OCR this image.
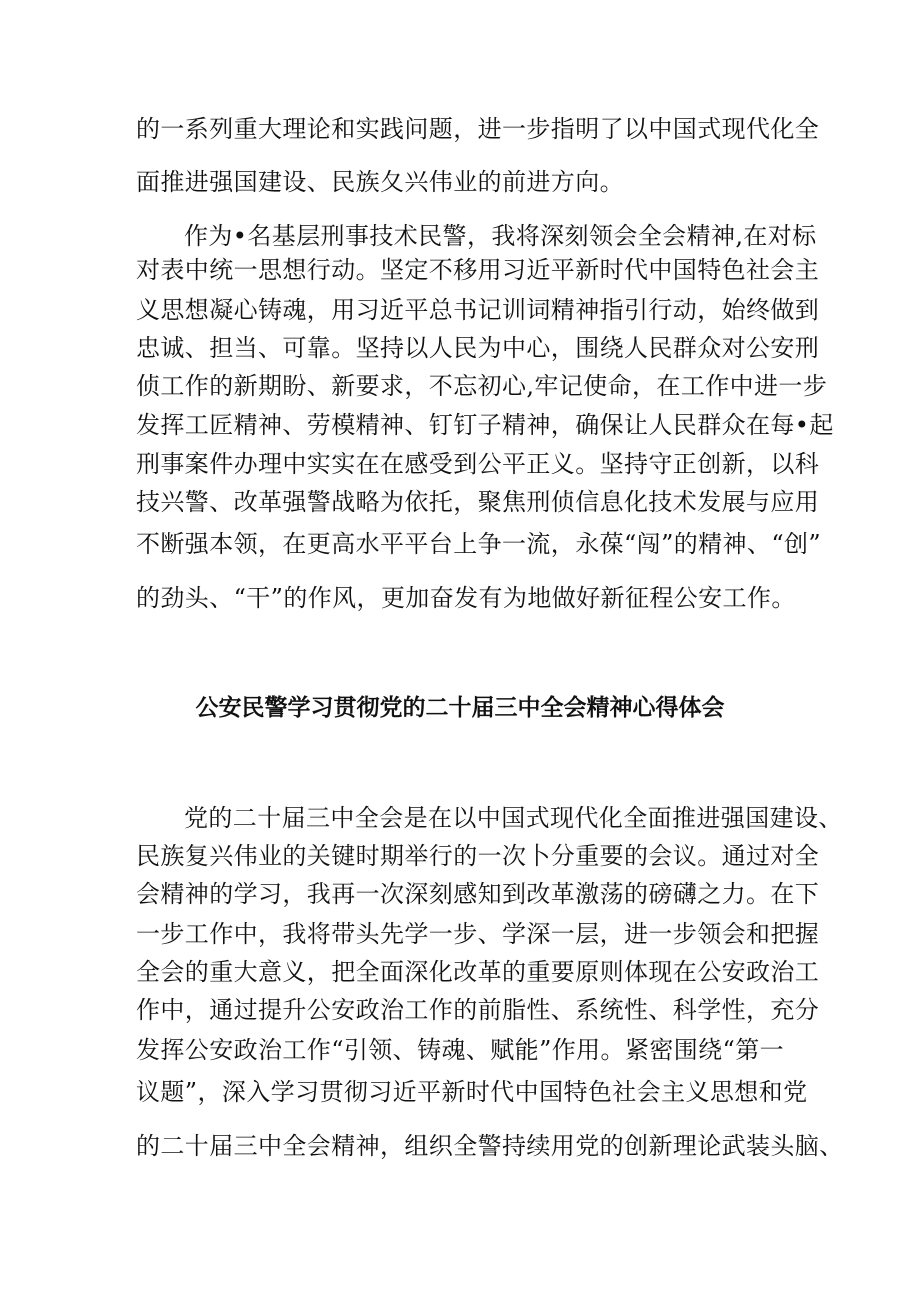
的一系列重大理论和实践问题，进一步指明了以中国式现代化全
面推进强国建设、民族夂兴伟业的前进方向。
作为•名基层刑事技术民警，我将深刻领会全会精神,在对标
对表中统一思想行动。坚定不移用习近平新时代中国特色社会主
义思想凝心铸魂，用习近平总书记训词精神指引行动，始终做到
忠诚、担当、可靠。坚持以人民为中心，围绕人民群众对公安刑
侦工作的新期盼、新要求，不忘初心,牢记使命，在工作中进一步
发挥工匠精神、劳模精神、钉钉子精神，确保让人民群众在每•起
刑事案件办理中实实在在感受到公平正义。坚持守正创新，以科
技兴警、改革强警战略为依托，聚焦刑侦信息化技术发展与应用
不断强本领，在更高水平平台上争一流，永葆“闯”的精神、“创”
的劲头、“干”的作风，更加奋发有为地做好新征程公安工作。
公安民警学习贯彻党的二十届三中全会精神心得体会
党的二十届三中全会是在以中国式现代化全面推进强国建设、
民族复兴伟业的关键时期举行的一次卜分重要的会议。通过对全
会精神的学习，我再一次深刻感知到改革激荡的磅礴之力。在下
一步工作中，我将带头先学一步、学深一层，进一步领会和把握
全会的重大意义，把全面深化改革的重要原则体现在公安政治工
作中，通过提升公安政治工作的前脂性、系统性、科学性，充分
发挥公安政治工作“引领、铸魂、赋能”作用。紧密围绕“第一
议题”，深入学习贯彻习近平新时代中国特色社会主义思想和党
的二十届三中全会精神，组织全警持续用党的创新理论武装头脑、
